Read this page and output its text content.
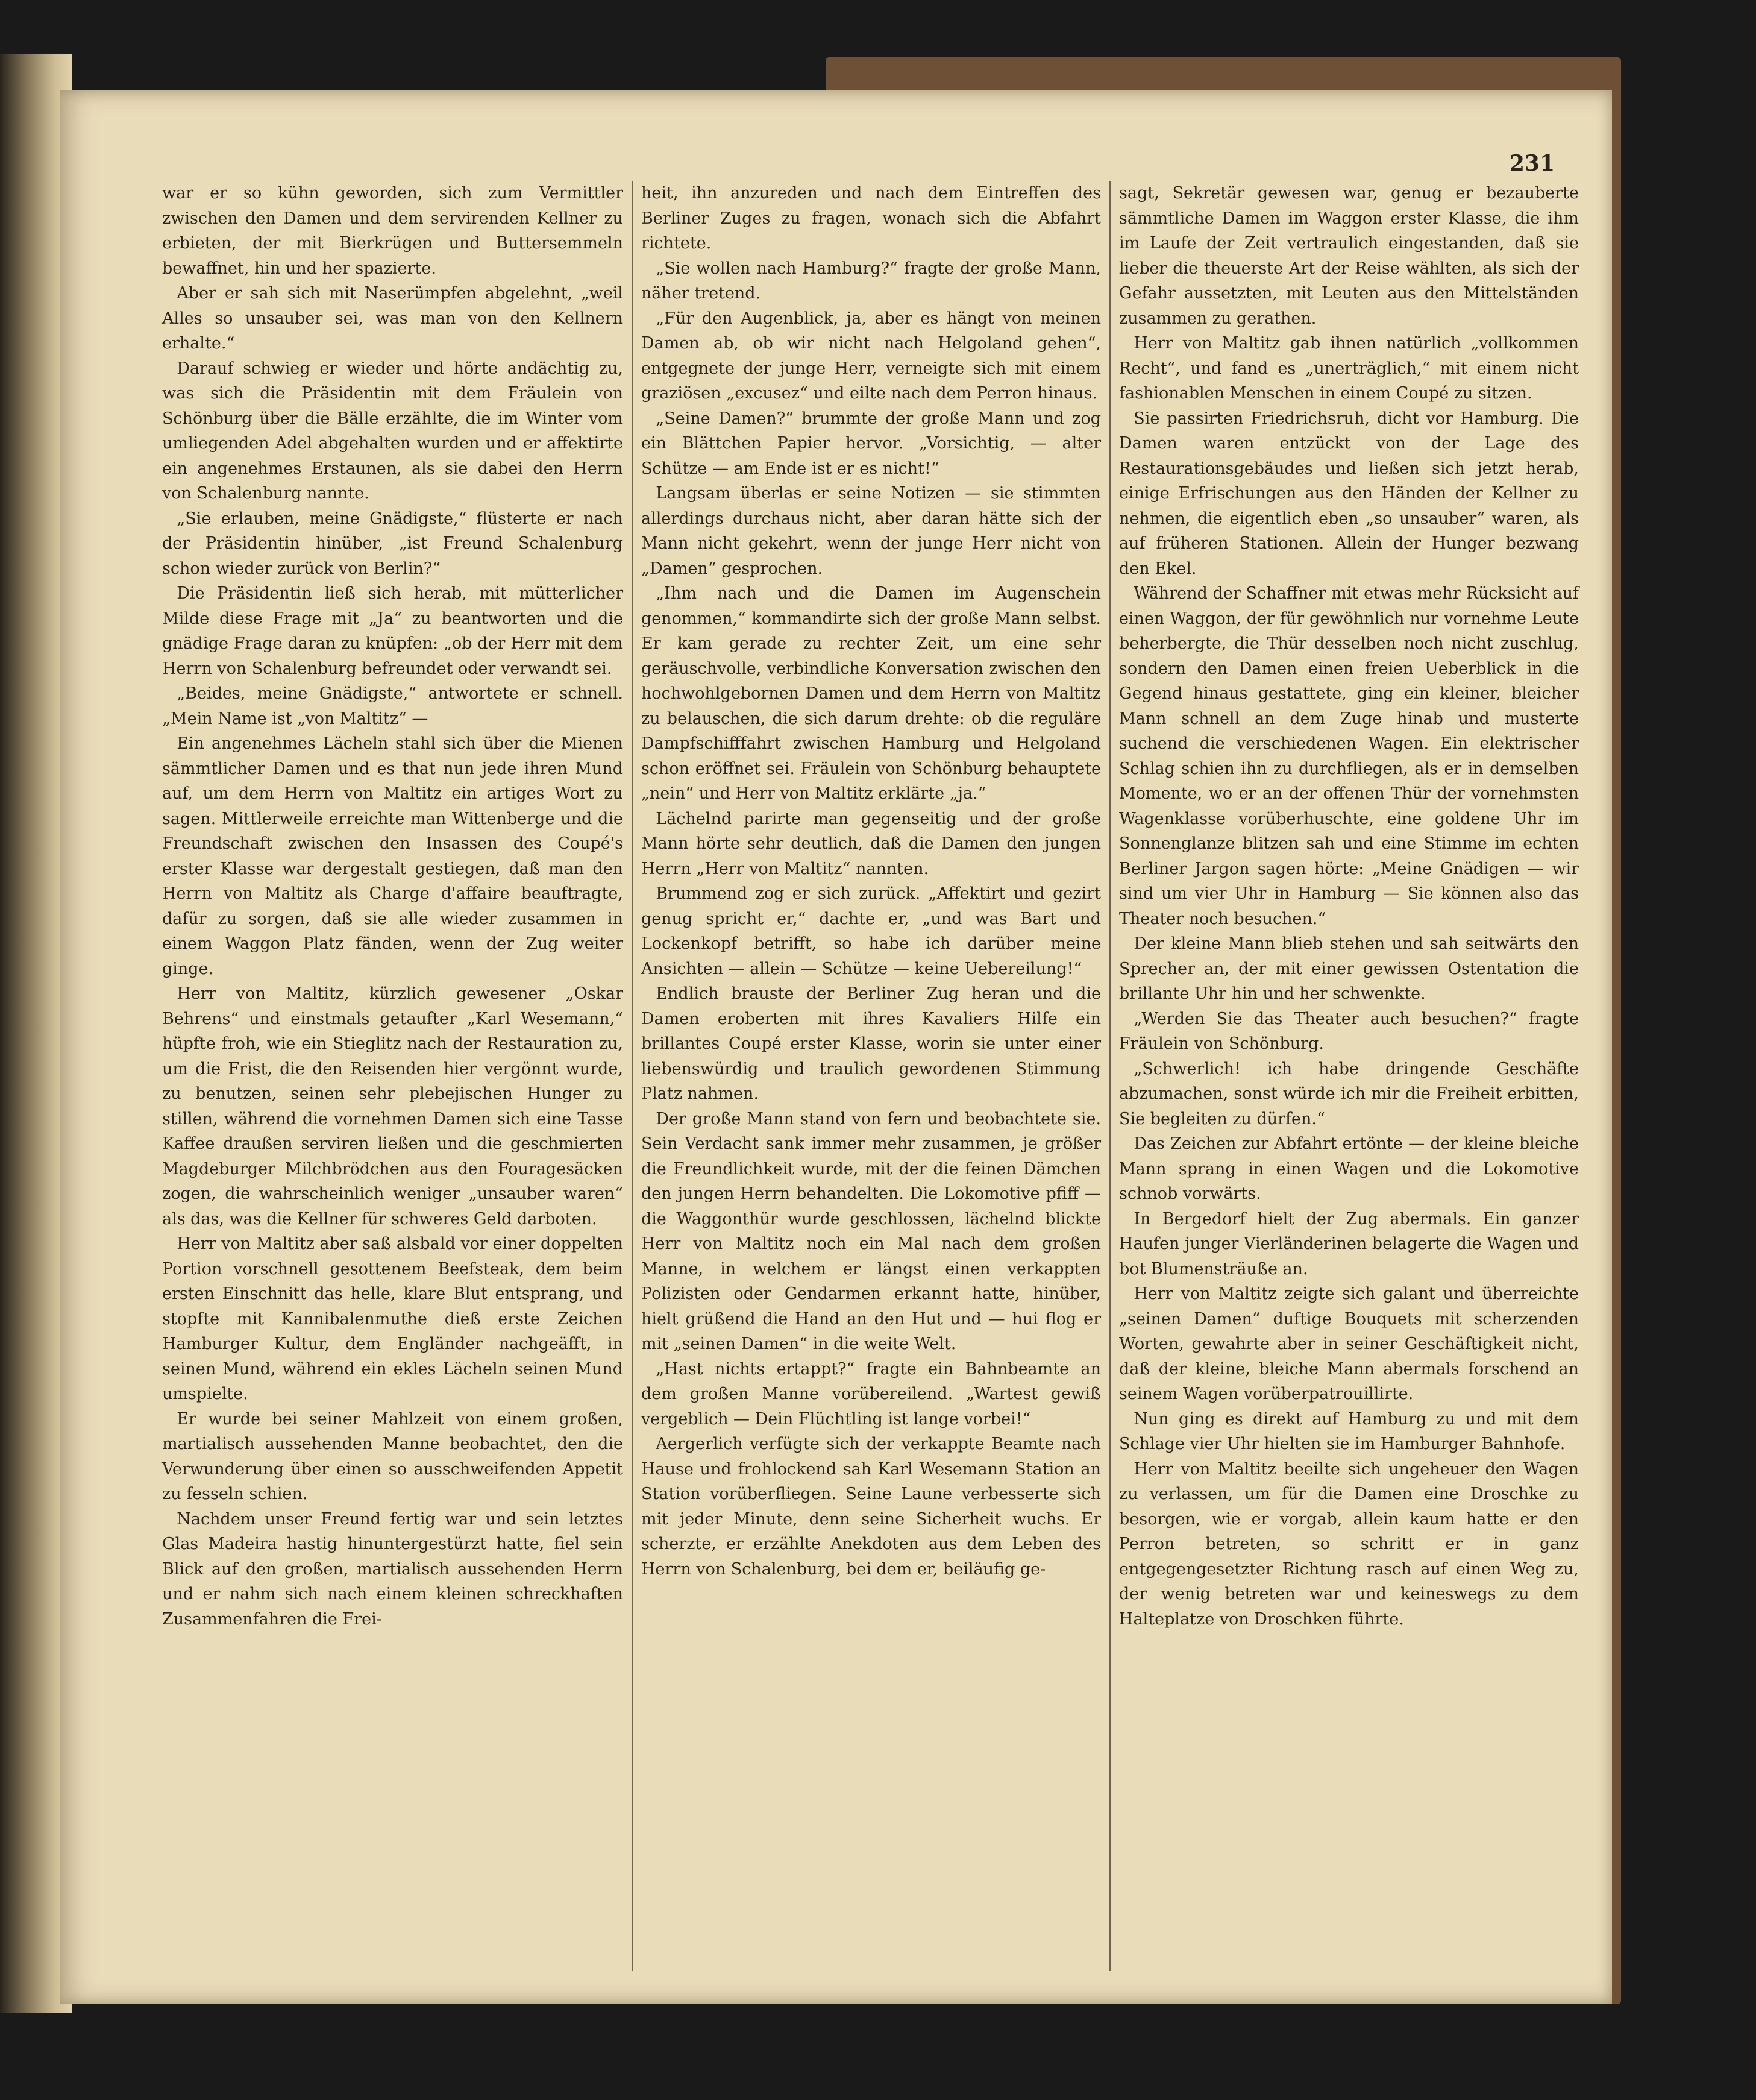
231

war er so kühn geworden, sich zum Vermittler zwischen den Damen und dem servirenden Kellner zu erbieten, der mit Bierkrügen und Buttersemmeln bewaffnet, hin und her spazierte.

Aber er sah sich mit Naserümpfen abgelehnt, „weil Alles so unsauber sei, was man von den Kellnern erhalte.“

Darauf schwieg er wieder und hörte andächtig zu, was sich die Präsidentin mit dem Fräulein von Schönburg über die Bälle erzählte, die im Winter vom umliegenden Adel abgehalten wurden und er affektirte ein angenehmes Erstaunen, als sie dabei den Herrn von Schalenburg nannte.

„Sie erlauben, meine Gnädigste,“ flüsterte er nach der Präsidentin hinüber, „ist Freund Schalenburg schon wieder zurück von Berlin?“

Die Präsidentin ließ sich herab, mit mütterlicher Milde diese Frage mit „Ja“ zu beantworten und die gnädige Frage daran zu knüpfen: „ob der Herr mit dem Herrn von Schalenburg befreundet oder verwandt sei.

„Beides, meine Gnädigste,“ antwortete er schnell. „Mein Name ist „von Maltitz“ —

Ein angenehmes Lächeln stahl sich über die Mienen sämmtlicher Damen und es that nun jede ihren Mund auf, um dem Herrn von Maltitz ein artiges Wort zu sagen. Mittlerweile erreichte man Wittenberge und die Freundschaft zwischen den Insassen des Coupé's erster Klasse war dergestalt gestiegen, daß man den Herrn von Maltitz als Charge d'affaire beauftragte, dafür zu sorgen, daß sie alle wieder zusammen in einem Waggon Platz fänden, wenn der Zug weiter ginge.

Herr von Maltitz, kürzlich gewesener „Oskar Behrens“ und einstmals getaufter „Karl Wesemann,“ hüpfte froh, wie ein Stieglitz nach der Restauration zu, um die Frist, die den Reisenden hier vergönnt wurde, zu benutzen, seinen sehr plebejischen Hunger zu stillen, während die vornehmen Damen sich eine Tasse Kaffee draußen serviren ließen und die geschmierten Magdeburger Milchbrödchen aus den Fouragesäcken zogen, die wahrscheinlich weniger „unsauber waren“ als das, was die Kellner für schweres Geld darboten.

Herr von Maltitz aber saß alsbald vor einer doppelten Portion vorschnell gesottenem Beefsteak, dem beim ersten Einschnitt das helle, klare Blut entsprang, und stopfte mit Kannibalenmuthe dieß erste Zeichen Hamburger Kultur, dem Engländer nachgeäfft, in seinen Mund, während ein ekles Lächeln seinen Mund umspielte.

Er wurde bei seiner Mahlzeit von einem großen, martialisch aussehenden Manne beobachtet, den die Verwunderung über einen so ausschweifenden Appetit zu fesseln schien.

Nachdem unser Freund fertig war und sein letztes Glas Madeira hastig hinuntergestürzt hatte, fiel sein Blick auf den großen, martialisch aussehenden Herrn und er nahm sich nach einem kleinen schreckhaften Zusammenfahren die Frei-

heit, ihn anzureden und nach dem Eintreffen des Berliner Zuges zu fragen, wonach sich die Abfahrt richtete.

„Sie wollen nach Hamburg?“ fragte der große Mann, näher tretend.

„Für den Augenblick, ja, aber es hängt von meinen Damen ab, ob wir nicht nach Helgoland gehen“, entgegnete der junge Herr, verneigte sich mit einem graziösen „excusez“ und eilte nach dem Perron hinaus.

„Seine Damen?“ brummte der große Mann und zog ein Blättchen Papier hervor. „Vorsichtig, — alter Schütze — am Ende ist er es nicht!“

Langsam überlas er seine Notizen — sie stimmten allerdings durchaus nicht, aber daran hätte sich der Mann nicht gekehrt, wenn der junge Herr nicht von „Damen“ gesprochen.

„Ihm nach und die Damen im Augenschein genommen,“ kommandirte sich der große Mann selbst. Er kam gerade zu rechter Zeit, um eine sehr geräuschvolle, verbindliche Konversation zwischen den hochwohlgebornen Damen und dem Herrn von Maltitz zu belauschen, die sich darum drehte: ob die reguläre Dampfschifffahrt zwischen Hamburg und Helgoland schon eröffnet sei. Fräulein von Schönburg behauptete „nein“ und Herr von Maltitz erklärte „ja.“

Lächelnd parirte man gegenseitig und der große Mann hörte sehr deutlich, daß die Damen den jungen Herrn „Herr von Maltitz“ nannten.

Brummend zog er sich zurück. „Affektirt und gezirt genug spricht er,“ dachte er, „und was Bart und Lockenkopf betrifft, so habe ich darüber meine Ansichten — allein — Schütze — keine Uebereilung!“

Endlich brauste der Berliner Zug heran und die Damen eroberten mit ihres Kavaliers Hilfe ein brillantes Coupé erster Klasse, worin sie unter einer liebenswürdig und traulich gewordenen Stimmung Platz nahmen.

Der große Mann stand von fern und beobachtete sie. Sein Verdacht sank immer mehr zusammen, je größer die Freundlichkeit wurde, mit der die feinen Dämchen den jungen Herrn behandelten. Die Lokomotive pfiff — die Waggonthür wurde geschlossen, lächelnd blickte Herr von Maltitz noch ein Mal nach dem großen Manne, in welchem er längst einen verkappten Polizisten oder Gendarmen erkannt hatte, hinüber, hielt grüßend die Hand an den Hut und — hui flog er mit „seinen Damen“ in die weite Welt.

„Hast nichts ertappt?“ fragte ein Bahnbeamte an dem großen Manne vorübereilend. „Wartest gewiß vergeblich — Dein Flüchtling ist lange vorbei!“

Aergerlich verfügte sich der verkappte Beamte nach Hause und frohlockend sah Karl Wesemann Station an Station vorüberfliegen. Seine Laune verbesserte sich mit jeder Minute, denn seine Sicherheit wuchs. Er scherzte, er erzählte Anekdoten aus dem Leben des Herrn von Schalenburg, bei dem er, beiläufig ge-

sagt, Sekretär gewesen war, genug er bezauberte sämmtliche Damen im Waggon erster Klasse, die ihm im Laufe der Zeit vertraulich eingestanden, daß sie lieber die theuerste Art der Reise wählten, als sich der Gefahr aussetzten, mit Leuten aus den Mittelständen zusammen zu gerathen.

Herr von Maltitz gab ihnen natürlich „vollkommen Recht“, und fand es „unerträglich,“ mit einem nicht fashionablen Menschen in einem Coupé zu sitzen.

Sie passirten Friedrichsruh, dicht vor Hamburg. Die Damen waren entzückt von der Lage des Restaurationsgebäudes und ließen sich jetzt herab, einige Erfrischungen aus den Händen der Kellner zu nehmen, die eigentlich eben „so unsauber“ waren, als auf früheren Stationen. Allein der Hunger bezwang den Ekel.

Während der Schaffner mit etwas mehr Rücksicht auf einen Waggon, der für gewöhnlich nur vornehme Leute beherbergte, die Thür desselben noch nicht zuschlug, sondern den Damen einen freien Ueberblick in die Gegend hinaus gestattete, ging ein kleiner, bleicher Mann schnell an dem Zuge hinab und musterte suchend die verschiedenen Wagen. Ein elektrischer Schlag schien ihn zu durchfliegen, als er in demselben Momente, wo er an der offenen Thür der vornehmsten Wagenklasse vorüberhuschte, eine goldene Uhr im Sonnenglanze blitzen sah und eine Stimme im echten Berliner Jargon sagen hörte: „Meine Gnädigen — wir sind um vier Uhr in Hamburg — Sie können also das Theater noch besuchen.“

Der kleine Mann blieb stehen und sah seitwärts den Sprecher an, der mit einer gewissen Ostentation die brillante Uhr hin und her schwenkte.

„Werden Sie das Theater auch besuchen?“ fragte Fräulein von Schönburg.

„Schwerlich! ich habe dringende Geschäfte abzumachen, sonst würde ich mir die Freiheit erbitten, Sie begleiten zu dürfen.“

Das Zeichen zur Abfahrt ertönte — der kleine bleiche Mann sprang in einen Wagen und die Lokomotive schnob vorwärts.

In Bergedorf hielt der Zug abermals. Ein ganzer Haufen junger Vierländerinen belagerte die Wagen und bot Blumensträuße an.

Herr von Maltitz zeigte sich galant und überreichte „seinen Damen“ duftige Bouquets mit scherzenden Worten, gewahrte aber in seiner Geschäftigkeit nicht, daß der kleine, bleiche Mann abermals forschend an seinem Wagen vorüberpatrouillirte.

Nun ging es direkt auf Hamburg zu und mit dem Schlage vier Uhr hielten sie im Hamburger Bahnhofe.

Herr von Maltitz beeilte sich ungeheuer den Wagen zu verlassen, um für die Damen eine Droschke zu besorgen, wie er vorgab, allein kaum hatte er den Perron betreten, so schritt er in ganz entgegengesetzter Richtung rasch auf einen Weg zu, der wenig betreten war und keineswegs zu dem Halteplatze von Droschken führte.
